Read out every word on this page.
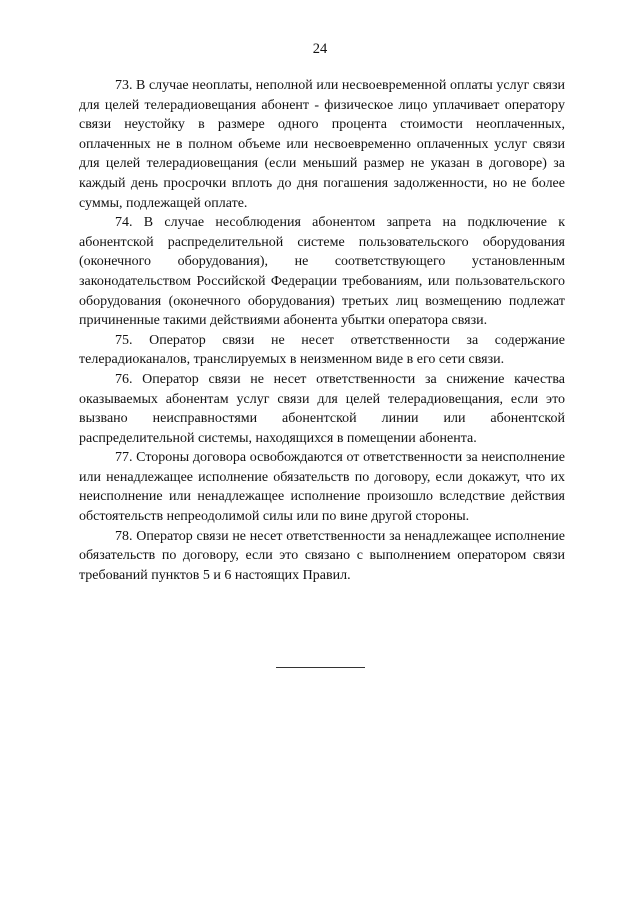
24

73. В случае неоплаты, неполной или несвоевременной оплаты услуг связи для целей телерадиовещания абонент - физическое лицо уплачивает оператору связи неустойку в размере одного процента стоимости неоплаченных, оплаченных не в полном объеме или несвоевременно оплаченных услуг связи для целей телерадиовещания (если меньший размер не указан в договоре) за каждый день просрочки вплоть до дня погашения задолженности, но не более суммы, подлежащей оплате.

74. В случае несоблюдения абонентом запрета на подключение к абонентской распределительной системе пользовательского оборудования (оконечного оборудования), не соответствующего установленным законодательством Российской Федерации требованиям, или пользовательского оборудования (оконечного оборудования) третьих лиц возмещению подлежат причиненные такими действиями абонента убытки оператора связи.

75. Оператор связи не несет ответственности за содержание телерадиоканалов, транслируемых в неизменном виде в его сети связи.

76. Оператор связи не несет ответственности за снижение качества оказываемых абонентам услуг связи для целей телерадиовещания, если это вызвано неисправностями абонентской линии или абонентской распределительной системы, находящихся в помещении абонента.

77. Стороны договора освобождаются от ответственности за неисполнение или ненадлежащее исполнение обязательств по договору, если докажут, что их неисполнение или ненадлежащее исполнение произошло вследствие действия обстоятельств непреодолимой силы или по вине другой стороны.

78. Оператор связи не несет ответственности за ненадлежащее исполнение обязательств по договору, если это связано с выполнением оператором связи требований пунктов 5 и 6 настоящих Правил.
